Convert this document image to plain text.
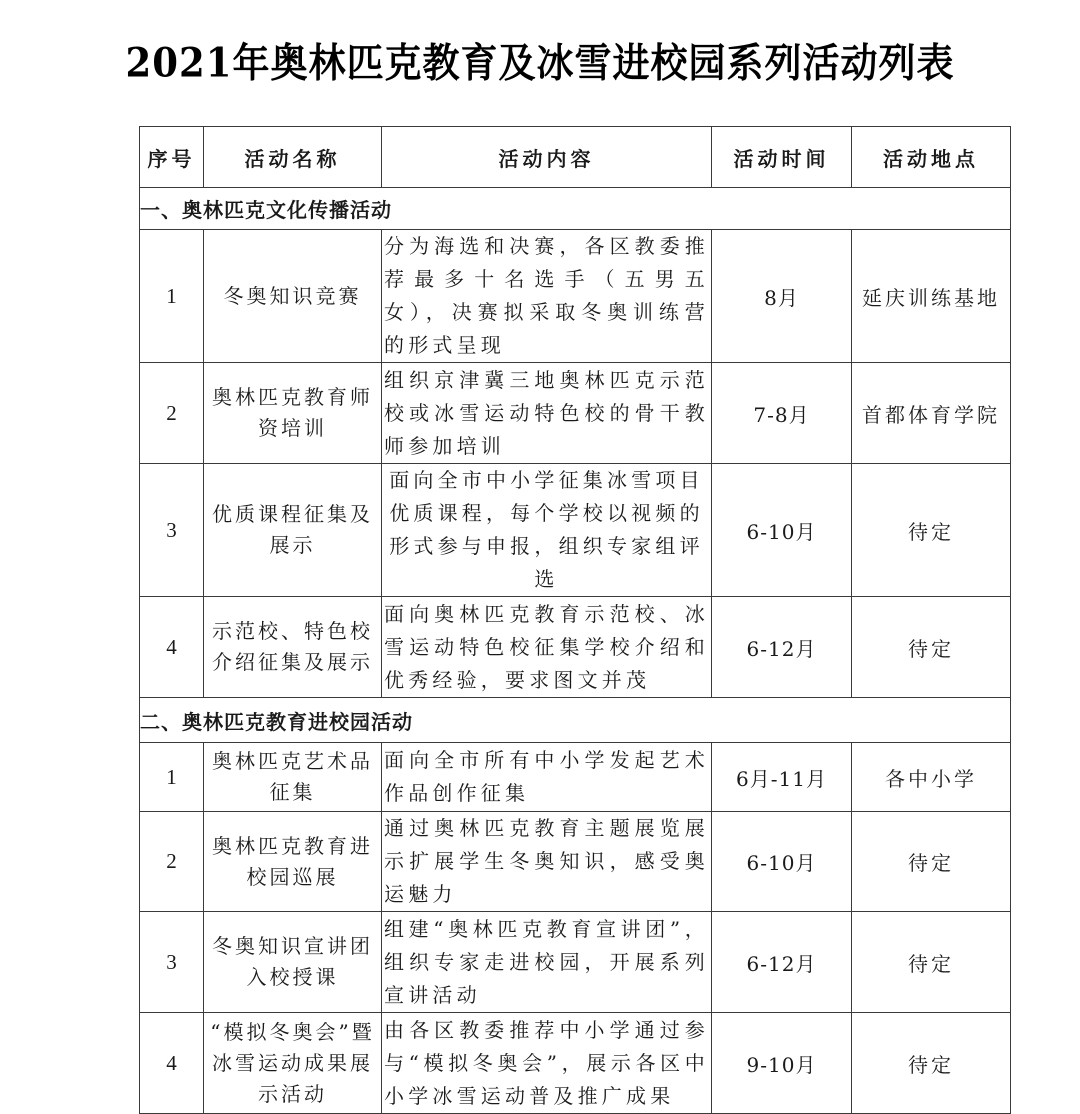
2021年奥林匹克教育及冰雪进校园系列活动列表
序号	活动名称	活动内容	活动时间	活动地点
一、奥林匹克文化传播活动				
1	冬奥知识竞赛	分为海选和决赛，各区教委推荐最多十名选手（五男五女），决赛拟采取冬奥训练营的形式呈现	8月	延庆训练基地
2	奥林匹克教育师资培训	组织京津冀三地奥林匹克示范校或冰雪运动特色校的骨干教师参加培训	7-8月	首都体育学院
3	优质课程征集及展示	面向全市中小学征集冰雪项目优质课程，每个学校以视频的形式参与申报，组织专家组评选	6-10月	待定
4	示范校、特色校介绍征集及展示	面向奥林匹克教育示范校、冰雪运动特色校征集学校介绍和优秀经验，要求图文并茂	6-12月	待定
二、奥林匹克教育进校园活动				
1	奥林匹克艺术品征集	面向全市所有中小学发起艺术作品创作征集	6月-11月	各中小学
2	奥林匹克教育进校园巡展	通过奥林匹克教育主题展览展示扩展学生冬奥知识，感受奥运魅力	6-10月	待定
3	冬奥知识宣讲团入校授课	组建“奥林匹克教育宣讲团”，组织专家走进校园，开展系列宣讲活动	6-12月	待定
4	“模拟冬奥会”暨冰雪运动成果展示活动	由各区教委推荐中小学通过参与“模拟冬奥会”，展示各区中小学冰雪运动普及推广成果	9-10月	待定
